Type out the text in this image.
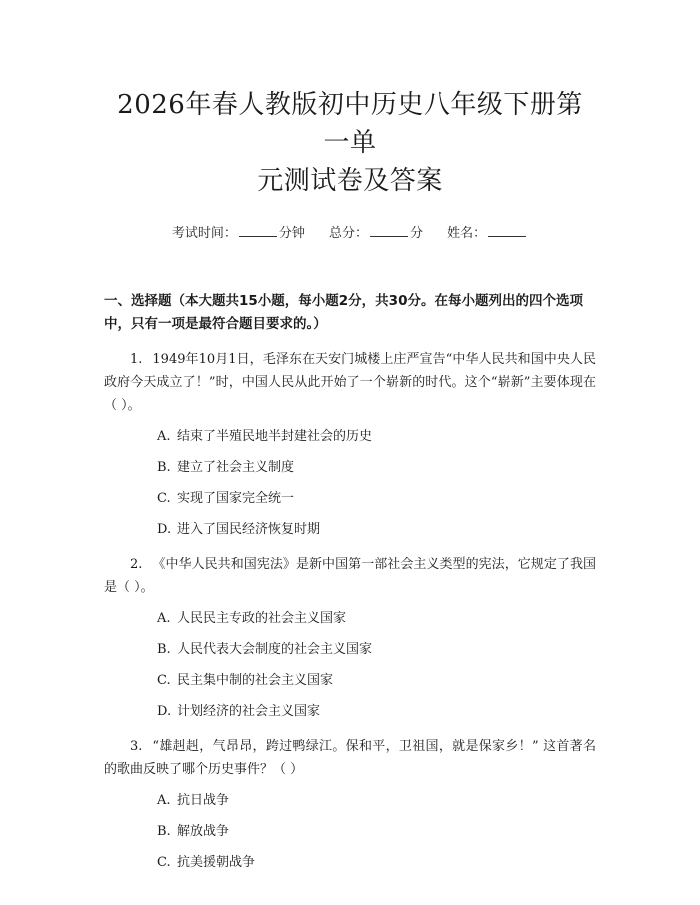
2026年春人教版初中历史八年级下册第一单
元测试卷及答案
考试时间：	分钟 总分：	分 姓名：
一、选择题（本大题共15小题，每小题2分，共30分。在每小题列出的四个选项中，只有一项是最符合题目要求的。）
1. 1949年10月1日，毛泽东在天安门城楼上庄严宣告“中华人民共和国中央人民政府今天成立了！”时，中国人民从此开始了一个崭新的时代。这个“崭新”主要体现在（ ）。
A. 结束了半殖民地半封建社会的历史
B. 建立了社会主义制度
C. 实现了国家完全统一
D. 进入了国民经济恢复时期
2. 《中华人民共和国宪法》是新中国第一部社会主义类型的宪法，它规定了我国是（ ）。
A. 人民民主专政的社会主义国家
B. 人民代表大会制度的社会主义国家
C. 民主集中制的社会主义国家
D. 计划经济的社会主义国家
3. “雄赳赳，气昂昂，跨过鸭绿江。保和平，卫祖国，就是保家乡！” 这首著名的歌曲反映了哪个历史事件？（ ）
A. 抗日战争
B. 解放战争
C. 抗美援朝战争
